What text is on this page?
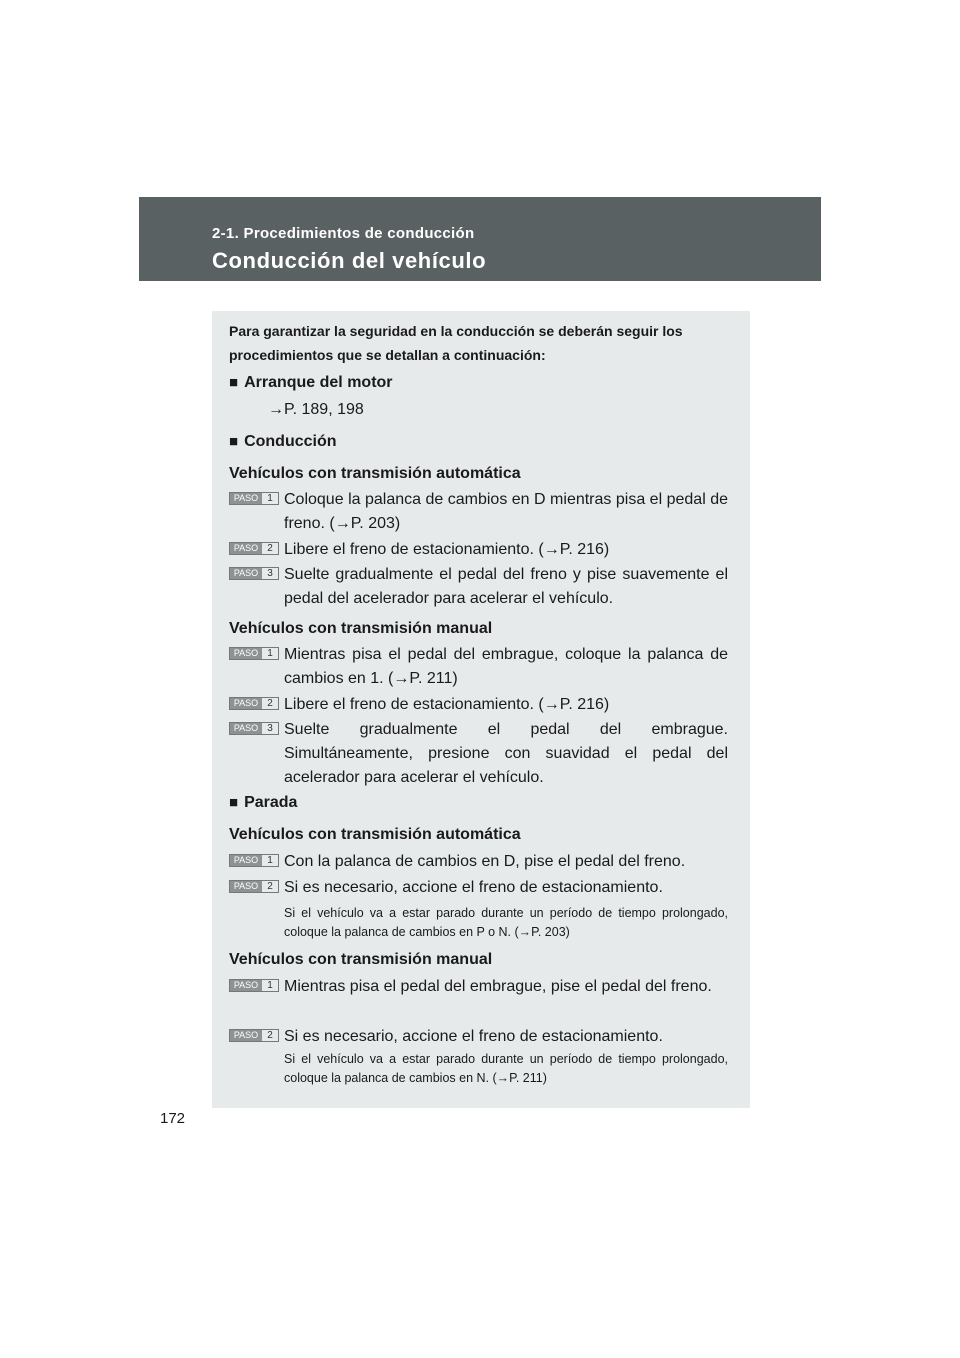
2-1. Procedimientos de conducción
Conducción del vehículo
Para garantizar la seguridad en la conducción se deberán seguir los procedimientos que se detallan a continuación:
■ Arranque del motor
→P. 189, 198
■ Conducción
Vehículos con transmisión automática
PASO 1 Coloque la palanca de cambios en D mientras pisa el pedal de freno. (→P. 203)
PASO 2 Libere el freno de estacionamiento. (→P. 216)
PASO 3 Suelte gradualmente el pedal del freno y pise suavemente el pedal del acelerador para acelerar el vehículo.
Vehículos con transmisión manual
PASO 1 Mientras pisa el pedal del embrague, coloque la palanca de cambios en 1. (→P. 211)
PASO 2 Libere el freno de estacionamiento. (→P. 216)
PASO 3 Suelte gradualmente el pedal del embrague. Simultáneamente, presione con suavidad el pedal del acelerador para acelerar el vehículo.
■ Parada
Vehículos con transmisión automática
PASO 1 Con la palanca de cambios en D, pise el pedal del freno.
PASO 2 Si es necesario, accione el freno de estacionamiento.
Si el vehículo va a estar parado durante un período de tiempo prolongado, coloque la palanca de cambios en P o N. (→P. 203)
Vehículos con transmisión manual
PASO 1 Mientras pisa el pedal del embrague, pise el pedal del freno.
PASO 2 Si es necesario, accione el freno de estacionamiento.
Si el vehículo va a estar parado durante un período de tiempo prolongado, coloque la palanca de cambios en N. (→P. 211)
172
